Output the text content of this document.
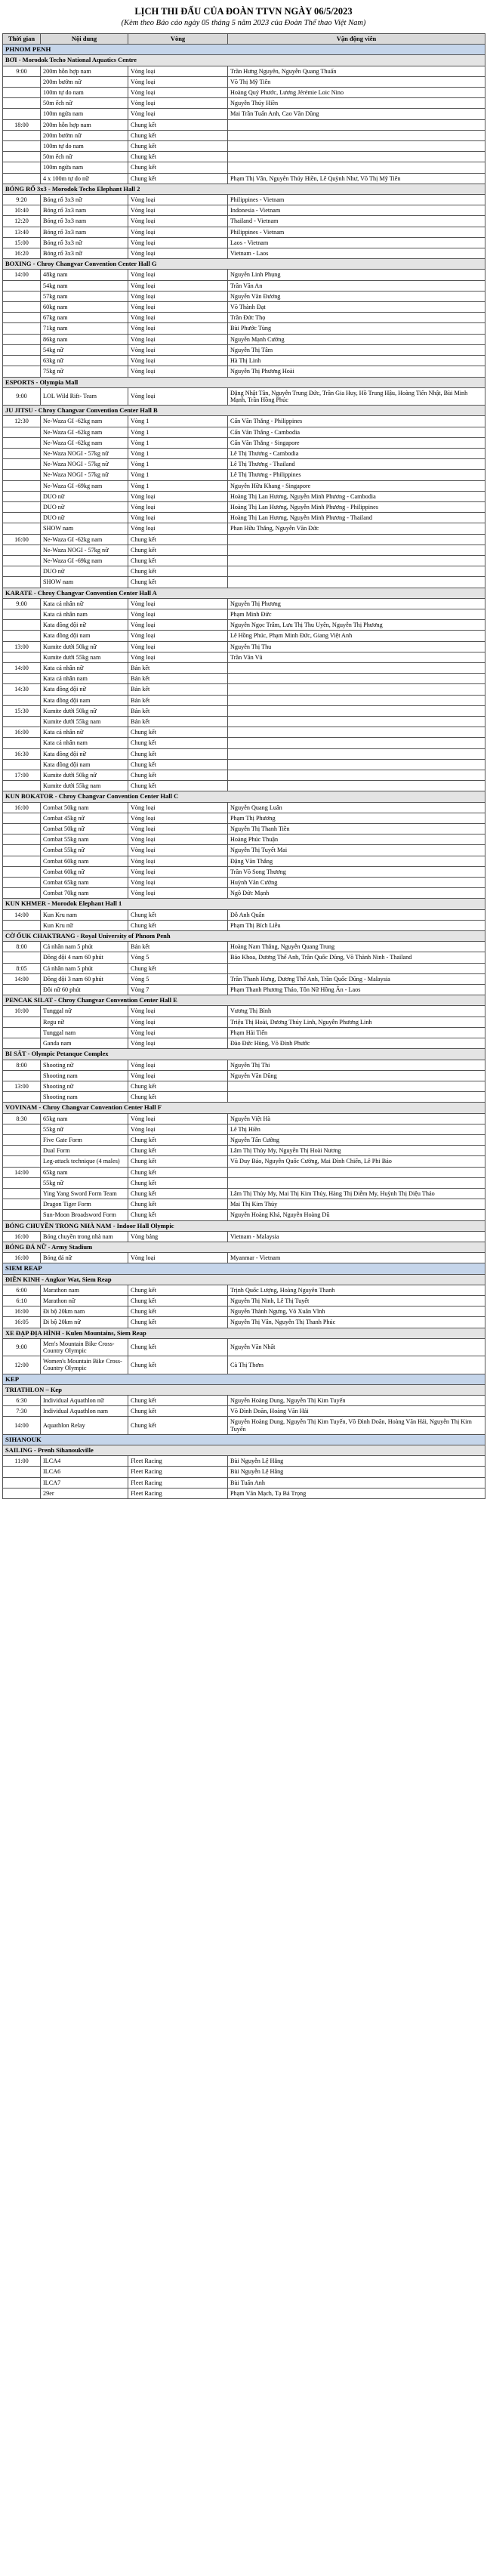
LỊCH THI ĐẤU CỦA ĐOÀN TTVN NGÀY 06/5/2023
(Kèm theo Báo cáo ngày 05 tháng 5 năm 2023 của Đoàn Thể thao Việt Nam)
Thời gian	Nội dung	Vòng	Vận động viên
PHNOM PENH			
BƠI - Morodok Techo National Aquatics Centre			
9:00	200m hỗn hợp nam	Vòng loại	Trần Hưng Nguyên, Nguyễn Quang Thuấn
	200m bướm nữ	Vòng loại	Võ Thị Mỹ Tiên
	100m tự do nam	Vòng loại	Hoàng Quý Phước, Lương Jérémie Loic Nino
	50m ếch nữ	Vòng loại	Nguyễn Thúy Hiền
	100m ngửa nam	Vòng loại	Mai Trần Tuấn Anh, Cao Văn Dũng
18:00	200m hỗn hợp nam	Chung kết	
	200m bướm nữ	Chung kết	
	100m tự do nam	Chung kết	
	50m ếch nữ	Chung kết	
	100m ngửa nam	Chung kết	
	4 x 100m tự do nữ	Chung kết	Phạm Thị Vân, Nguyễn Thúy Hiền, Lê Quỳnh Như, Võ Thị Mỹ Tiên
BÓNG RỔ 3x3 - Morodok Techo Elephant Hall 2			
9:20	Bóng rổ 3x3 nữ	Vòng loại	Philippines - Vietnam
10:40	Bóng rổ 3x3 nam	Vòng loại	Indonesia - Vietnam
12:20	Bóng rổ 3x3 nam	Vòng loại	Thailand - Vietnam
13:40	Bóng rổ 3x3 nam	Vòng loại	Philippines - Vietnam
15:00	Bóng rổ 3x3 nữ	Vòng loại	Laos - Vietnam
16:20	Bóng rổ 3x3 nữ	Vòng loại	Vietnam - Laos
BOXING - Chroy Changvar Convention Center Hall G			
14:00	48kg nam	Vòng loại	Nguyễn Linh Phụng
	54kg nam	Vòng loại	Trần Văn An
	57kg nam	Vòng loại	Nguyễn Văn Đương
	60kg nam	Vòng loại	Võ Thành Đạt
	67kg nam	Vòng loại	Trần Đức Thọ
	71kg nam	Vòng loại	Bùi Phước Tùng
	86kg nam	Vòng loại	Nguyễn Mạnh Cường
	54kg nữ	Vòng loại	Nguyễn Thị Tâm
	63kg nữ	Vòng loại	Hà Thị Linh
	75kg nữ	Vòng loại	Nguyễn Thị Phương Hoài
ESPORTS - Olympia Mall			
9:00	LOL Wild Rift- Team	Vòng loại	Đặng Nhật Tân, Nguyễn Trung Đức, Trần Gia Huy, Hồ Trung Hậu, Hoàng Tiến Nhật, Bùi Minh Mạnh, Trần Hồng Phúc
JU JITSU - Chroy Changvar Convention Center Hall B			
12:30	Ne-Waza GI -62kg nam	Vòng 1	Cấn Văn Thắng - Philippines
	Ne-Waza GI -62kg nam	Vòng 1	Cấn Văn Thắng - Cambodia
	Ne-Waza GI -62kg nam	Vòng 1	Cấn Văn Thắng - Singapore
	Ne-Waza NOGI - 57kg nữ	Vòng 1	Lê Thị Thương - Cambodia
	Ne-Waza NOGI - 57kg nữ	Vòng 1	Lê Thị Thương - Thailand
	Ne-Waza NOGI - 57kg nữ	Vòng 1	Lê Thị Thương - Philippines
	Ne-Waza GI -69kg nam	Vòng 1	Nguyễn Hữu Khang - Singapore
	DUO nữ	Vòng loại	Hoàng Thị Lan Hương, Nguyễn Minh Phương - Cambodia
	DUO nữ	Vòng loại	Hoàng Thị Lan Hương, Nguyễn Minh Phương - Philippines
	DUO nữ	Vòng loại	Hoàng Thị Lan Hương, Nguyễn Minh Phương - Thailand
	SHOW nam	Vòng loại	Phan Hữu Thắng, Nguyễn Văn Đức
16:00	Ne-Waza GI -62kg nam	Chung kết	
	Ne-Waza NOGI - 57kg nữ	Chung kết	
	Ne-Waza GI -69kg nam	Chung kết	
	DUO nữ	Chung kết	
	SHOW nam	Chung kết	
KARATE - Chroy Changvar Convention Center Hall A			
9:00	Kata cá nhân nữ	Vòng loại	Nguyễn Thị Phương
	Kata cá nhân nam	Vòng loại	Phạm Minh Đức
	Kata đồng đội nữ	Vòng loại	Nguyễn Ngọc Trâm, Lưu Thị Thu Uyên, Nguyễn Thị Phương
	Kata đồng đội nam	Vòng loại	Lê Hồng Phúc, Phạm Minh Đức, Giang Việt Anh
13:00	Kumite dưới 50kg nữ	Vòng loại	Nguyễn Thị Thu
	Kumite dưới 55kg nam	Vòng loại	Trần Văn Vũ
14:00	Kata cá nhân nữ	Bán kết	
	Kata cá nhân nam	Bán kết	
14:30	Kata đồng đội nữ	Bán kết	
	Kata đồng đội nam	Bán kết	
15:30	Kumite dưới 50kg nữ	Bán kết	
	Kumite dưới 55kg nam	Bán kết	
16:00	Kata cá nhân nữ	Chung kết	
	Kata cá nhân nam	Chung kết	
16:30	Kata đồng đội nữ	Chung kết	
	Kata đồng đội nam	Chung kết	
17:00	Kumite dưới 50kg nữ	Chung kết	
	Kumite dưới 55kg nam	Chung kết	
KUN BOKATOR - Chroy Changvar Convention Center Hall C			
16:00	Combat 50kg nam	Vòng loại	Nguyễn Quang Luân
	Combat 45kg nữ	Vòng loại	Phạm Thị Phương
	Combat 50kg nữ	Vòng loại	Nguyễn Thị Thanh Tiền
	Combat 55kg nam	Vòng loại	Hoàng Phúc Thuận
	Combat 55kg nữ	Vòng loại	Nguyễn Thị Tuyết Mai
	Combat 60kg nam	Vòng loại	Đặng Văn Thắng
	Combat 60kg nữ	Vòng loại	Trần Võ Song Thương
	Combat 65kg nam	Vòng loại	Huỳnh Văn Cường
	Combat 70kg nam	Vòng loại	Ngô Đức Mạnh
KUN KHMER - Morodok Elephant Hall 1			
14:00	Kun Kru nam	Chung kết	Đỗ Anh Quân
	Kun Kru nữ	Chung kết	Phạm Thị Bích Liễu
CỜ ỐUK CHAKTRANG - Royal University of Phnom Penh			
8:00	Cá nhân nam 5 phút	Bán kết	Hoàng Nam Thắng, Nguyễn Quang Trung
	Đồng đội 4 nam 60 phút	Vòng 5	Bảo Khoa, Dương Thế Anh, Trần Quốc Dũng, Võ Thành Ninh - Thailand
8:05	Cá nhân nam 5 phút	Chung kết	
14:00	Đồng đội 3 nam 60 phút	Vòng 5	Trần Thanh Hưng, Dương Thế Anh, Trần Quốc Dũng - Malaysia
	Đôi nữ 60 phút	Vòng 7	Phạm Thanh Phương Thảo, Tôn Nữ Hồng Ân - Laos
PENCAK SILAT - Chroy Changvar Convention Center Hall E			
10:00	Tunggal nữ	Vòng loại	Vương Thị Bình
	Regu nữ	Vòng loại	Triệu Thị Hoài, Dương Thúy Linh, Nguyễn Phương Linh
	Tunggal nam	Vòng loại	Phạm Hải Tiến
	Ganda nam	Vòng loại	Đào Đức Hùng, Võ Đình Phước
BI SẮT - Olympic Petanque Complex			
8:00	Shooting nữ	Vòng loại	Nguyễn Thị Thi
	Shooting nam	Vòng loại	Nguyễn Văn Dũng
13:00	Shooting nữ	Chung kết	
	Shooting nam	Chung kết	
VOVINAM - Chroy Changvar Convention Center Hall F			
8:30	65kg nam	Vòng loại	Nguyễn Việt Hà
	55kg nữ	Vòng loại	Lê Thị Hiền
	Five Gate Form	Chung kết	Nguyễn Tấn Cường
	Dual Form	Chung kết	Lâm Thị Thủy My, Nguyễn Thị Hoài Nương
	Leg-attack technique (4 males)	Chung kết	Vũ Duy Bảo, Nguyễn Quốc Cường, Mai Đình Chiến, Lê Phi Bảo
14:00	65kg nam	Chung kết	
	55kg nữ	Chung kết	
	Ying Yang Sword Form Team	Chung kết	Lâm Thị Thủy My, Mai Thị Kim Thủy, Hàng Thị Diễm My, Huỳnh Thị Diệu Thảo
	Dragon Tiger Form	Chung kết	Mai Thị Kim Thủy
	Sun-Moon Broadsword Form	Chung kết	Nguyễn Hoàng Khá, Nguyễn Hoàng Dũ
BÓNG CHUYỀN TRONG NHÀ NAM - Indoor Hall Olympic			
16:00	Bóng chuyền trong nhà nam	Vòng bảng	Vietnam - Malaysia
BÓNG ĐÁ NỮ - Army Stadium			
16:00	Bóng đá nữ	Vòng loại	Myanmar - Vietnam
SIEM REAP			
ĐIỀN KINH - Angkor Wat, Siem Reap			
6:00	Marathon nam	Chung kết	Trịnh Quốc Lượng, Hoàng Nguyên Thanh
6:10	Marathon nữ	Chung kết	Nguyễn Thị Ninh, Lê Thị Tuyết
16:00	Đi bộ 20km nam	Chung kết	Nguyễn Thành Ngưng, Võ Xuân Vĩnh
16:05	Đi bộ 20km nữ	Chung kết	Nguyễn Thị Vân, Nguyễn Thị Thanh Phúc
XE ĐẠP ĐỊA HÌNH - Kulen Mountains, Siem Reap			
9:00	Men's Mountain Bike Cross-Country Olympic	Chung kết	Nguyễn Văn Nhất
12:00	Women's Mountain Bike Cross-Country Olympic	Chung kết	Cà Thị Thơm
KEP			
TRIATHLON – Kep			
6:30	Individual Aquathlon nữ	Chung kết	Nguyễn Hoàng Dung, Nguyễn Thị Kim Tuyến
7:30	Individual Aquathlon nam	Chung kết	Võ Đình Doãn, Hoàng Văn Hải
14:00	Aquathlon Relay	Chung kết	Nguyễn Hoàng Dung, Nguyễn Thị Kim Tuyến, Võ Đình Doãn, Hoàng Văn Hải, Nguyễn Thị Kim Tuyến
SIHANOUK			
SAILING - Prenh Sihanoukville			
11:00	ILCA4	Fleet Racing	Bùi Nguyễn Lệ Hằng
	ILCA6	Fleet Racing	Bùi Nguyễn Lệ Hằng
	ILCA7	Fleet Racing	Bùi Tuấn Anh
	29er	Fleet Racing	Phạm Văn Mạch, Tạ Bá Trọng
